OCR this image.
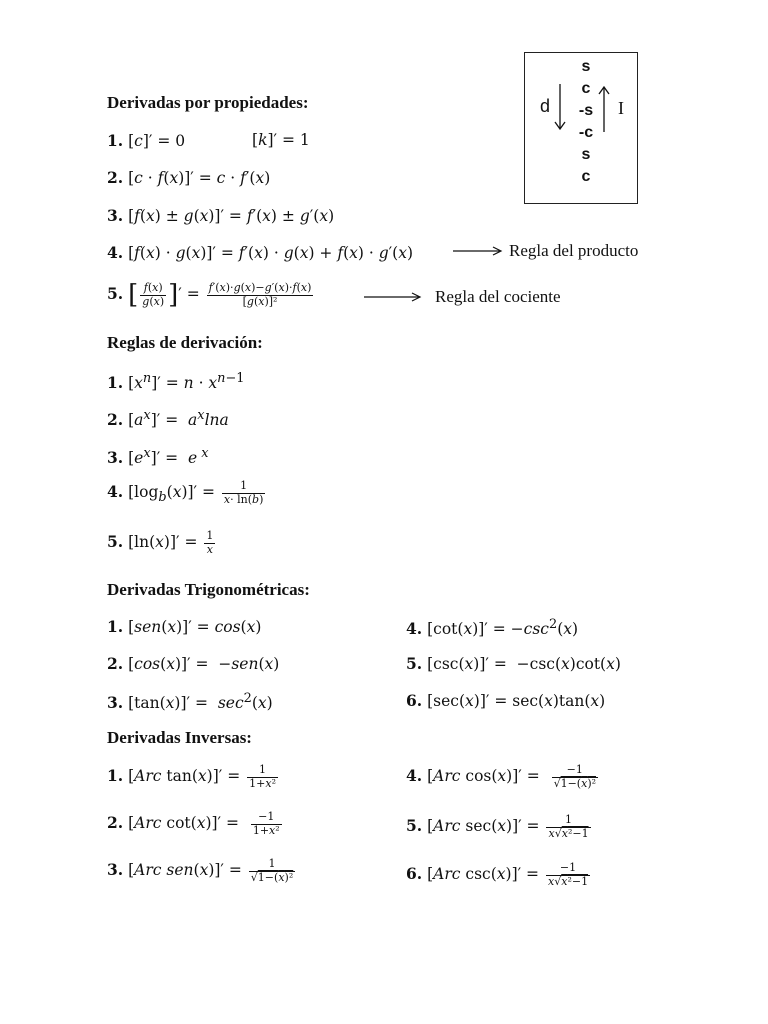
s
c
-s
-c
s
c
d	I
Derivadas por propiedades:
1. [c]′ = 0	[k]′ = 1
2. [c · f(x)]′ = c · f′(x)
3. [f(x) ± g(x)]′ = f′(x) ± g′(x)
4. [f(x) · g(x)]′ = f′(x) · g(x) + f(x) · g′(x)	Regla del producto
5. [ $\frac{f(x)}{g(x)}$ ]′ = $\frac{f'(x)\cdot g(x)-g'(x)\cdot f(x)}{\text{[g(x)]²}}$	Regla del cociente
Reglas de derivación:
1. $[x^n]' = n \cdot x^{n-1}$
2. $[a^x]' = a^x\ln a$
3. $[e^x]' = e$ $^x$
4. $[\log_b(x)]' = \frac{1}{x\cdot \ln(b)}$
5. $[\ln(x)]' = \frac{1}{x}$
Derivadas Trigonométricas:
1. [sen(x)]′ = cos(x)
2. [cos(x)]′ =  −sen(x)
3. $[\tan(x)]' = \sec^2(x)$
4. $[\cot(x)]' = -\csc^2(x)$
5. [csc(x)]′ =  −csc(x)cot(x)
6. [sec(x)]′ = sec(x)tan(x)
Derivadas Inversas:
1. [Arc $\tan(x)]' = \frac{1}{\text{1+x²}}$
2. [Arc $\cot(x)]' = \frac{-1}{\text{1+x²}}$
3. [Arc $sen(x)]' = \frac{1}{\text{√1−(x)²}}$
4. [Arc $\cos(x)]' = \frac{-1}{\text{√1−(x)²}}$
5. [Arc $\sec(x)]' = \frac{1}{\text{x√x²−1}}$
6. [Arc $\csc(x)]' = \frac{-1}{\text{x√x²−1}}$
